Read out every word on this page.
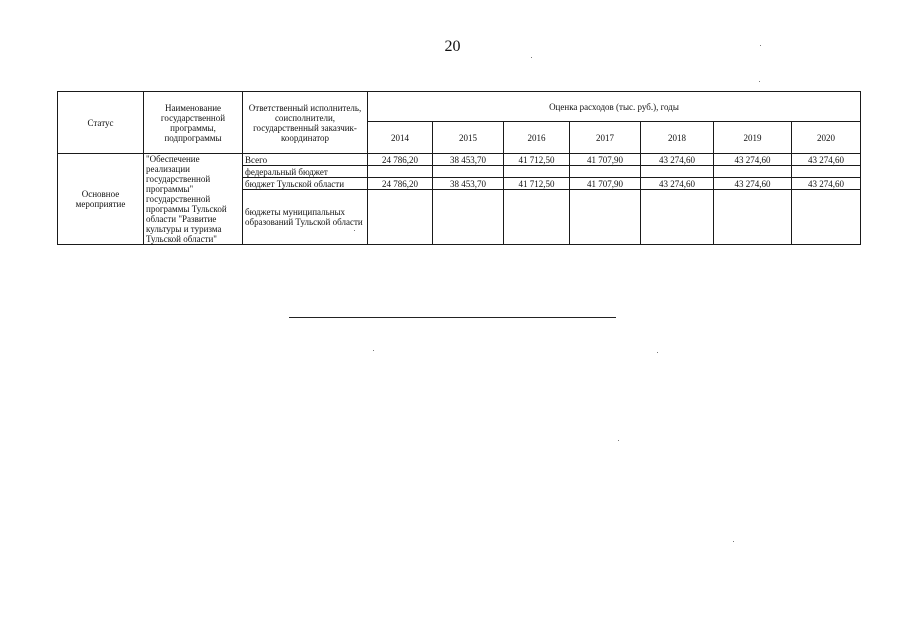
20
Статус	Наименование государственной программы, подпрограммы	Ответственный исполнитель, соисполнители, государственный заказчик-координатор	Оценка расходов (тыс. руб.), годы						
			2014	2015	2016	2017	2018	2019	2020
Основное мероприятие	"Обеспечение реализации государственной программы" государственной программы Тульской области "Развитие культуры и туризма Тульской области"	Всего	24 786,20	38 453,70	41 712,50	41 707,90	43 274,60	43 274,60	43 274,60
		федеральный бюджет							
		бюджет Тульской области	24 786,20	38 453,70	41 712,50	41 707,90	43 274,60	43 274,60	43 274,60
		бюджеты муниципальных образований Тульской области							
